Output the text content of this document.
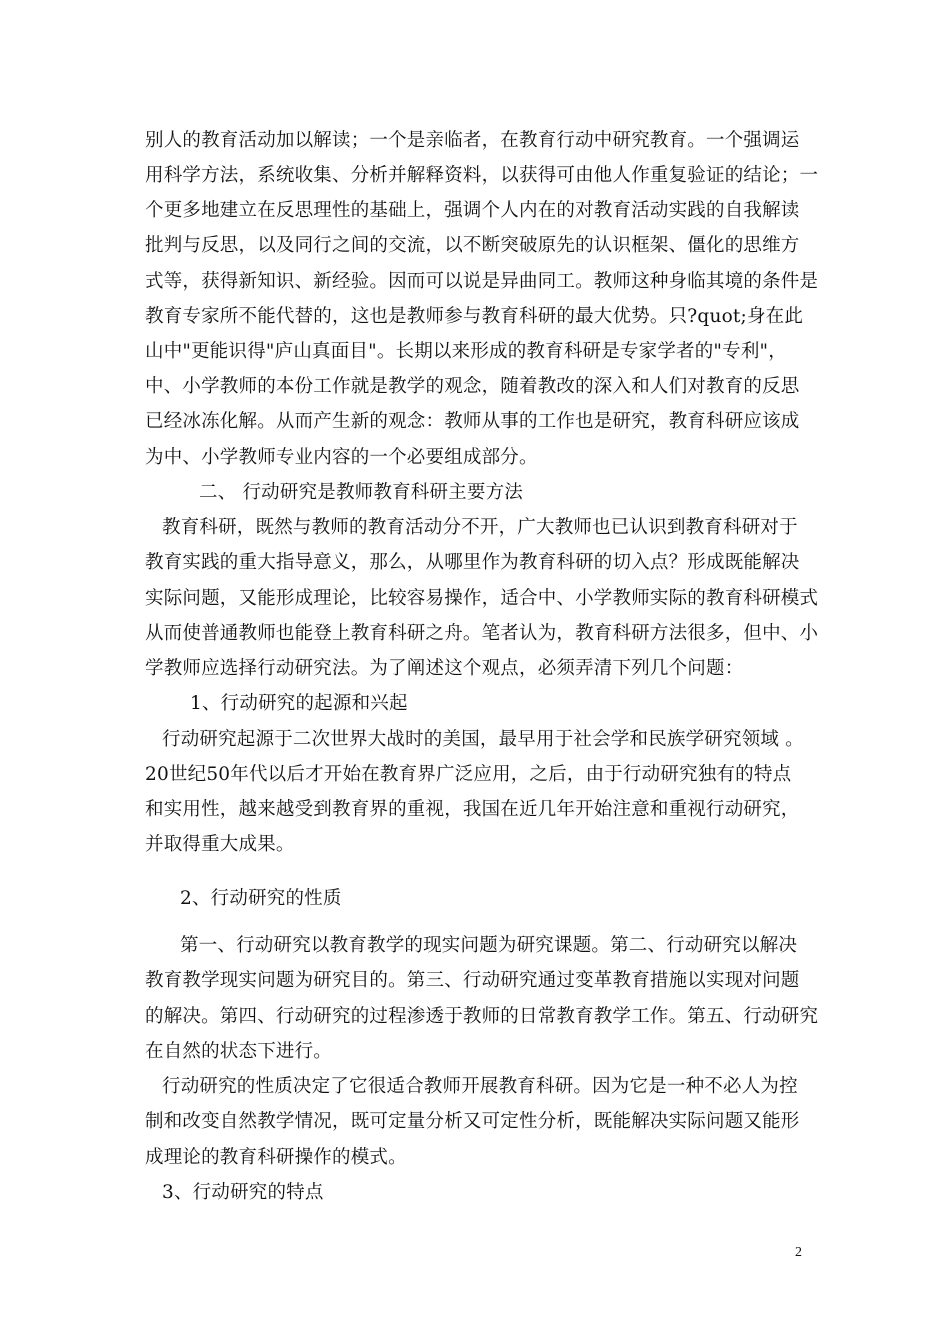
别人的教育活动加以解读；一个是亲临者，在教育行动中研究教育。一个强调运
用科学方法，系统收集、分析并解释资料，以获得可由他人作重复验证的结论；一
个更多地建立在反思理性的基础上，强调个人内在的对教育活动实践的自我解读
批判与反思，以及同行之间的交流，以不断突破原先的认识框架、僵化的思维方
式等，获得新知识、新经验。因而可以说是异曲同工。教师这种身临其境的条件是
教育专家所不能代替的，这也是教师参与教育科研的最大优势。只?quot;身在此
山中"更能识得"庐山真面目"。长期以来形成的教育科研是专家学者的"专利"，
中、小学教师的本份工作就是教学的观念，随着教改的深入和人们对教育的反思
已经冰冻化解。从而产生新的观念：教师从事的工作也是研究，教育科研应该成
为中、小学教师专业内容的一个必要组成部分。
二、 行动研究是教师教育科研主要方法
教育科研，既然与教师的教育活动分不开，广大教师也已认识到教育科研对于
教育实践的重大指导意义，那么，从哪里作为教育科研的切入点？形成既能解决
实际问题，又能形成理论，比较容易操作，适合中、小学教师实际的教育科研模式
从而使普通教师也能登上教育科研之舟。笔者认为，教育科研方法很多，但中、小
学教师应选择行动研究法。为了阐述这个观点，必须弄清下列几个问题：
1、行动研究的起源和兴起
行动研究起源于二次世界大战时的美国，最早用于社会学和民族学研究领域 。
20世纪50年代以后才开始在教育界广泛应用，之后，由于行动研究独有的特点
和实用性，越来越受到教育界的重视，我国在近几年开始注意和重视行动研究，
并取得重大成果。
2、行动研究的性质
第一、行动研究以教育教学的现实问题为研究课题。第二、行动研究以解决
教育教学现实问题为研究目的。第三、行动研究通过变革教育措施以实现对问题
的解决。第四、行动研究的过程渗透于教师的日常教育教学工作。第五、行动研究
在自然的状态下进行。
行动研究的性质决定了它很适合教师开展教育科研。因为它是一种不必人为控
制和改变自然教学情况，既可定量分析又可定性分析，既能解决实际问题又能形
成理论的教育科研操作的模式。
3、行动研究的特点
2
